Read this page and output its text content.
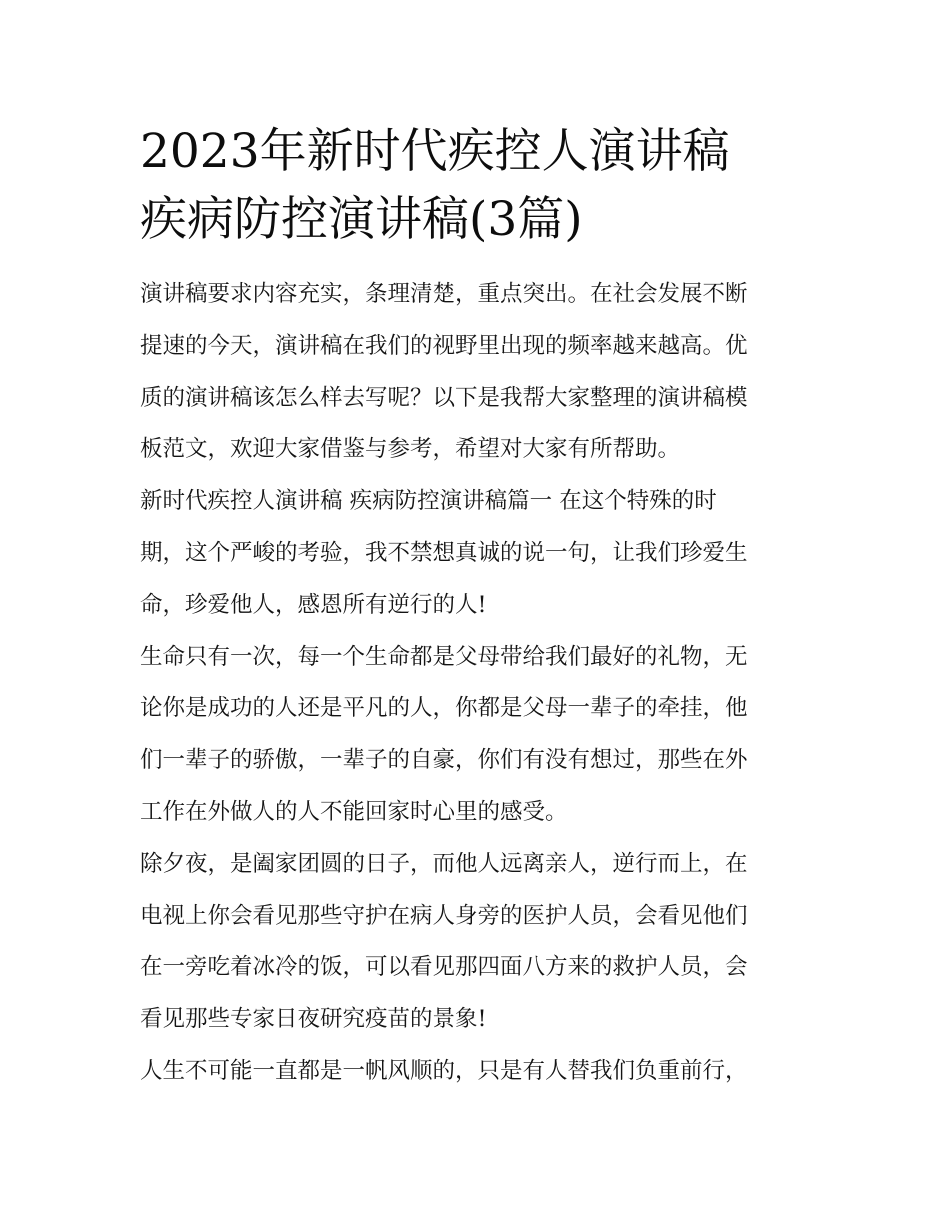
2023年新时代疾控人演讲稿
疾病防控演讲稿(3篇)

演讲稿要求内容充实，条理清楚，重点突出。在社会发展不断
提速的今天，演讲稿在我们的视野里出现的频率越来越高。优
质的演讲稿该怎么样去写呢？以下是我帮大家整理的演讲稿模
板范文，欢迎大家借鉴与参考，希望对大家有所帮助。

新时代疾控人演讲稿 疾病防控演讲稿篇一 在这个特殊的时
期，这个严峻的考验，我不禁想真诚的说一句，让我们珍爱生
命，珍爱他人，感恩所有逆行的人!

生命只有一次，每一个生命都是父母带给我们最好的礼物，无
论你是成功的人还是平凡的人，你都是父母一辈子的牵挂，他
们一辈子的骄傲，一辈子的自豪，你们有没有想过，那些在外
工作在外做人的人不能回家时心里的感受。

除夕夜，是阖家团圆的日子，而他人远离亲人，逆行而上，在
电视上你会看见那些守护在病人身旁的医护人员，会看见他们
在一旁吃着冰冷的饭，可以看见那四面八方来的救护人员，会
看见那些专家日夜研究疫苗的景象!

人生不可能一直都是一帆风顺的，只是有人替我们负重前行，
